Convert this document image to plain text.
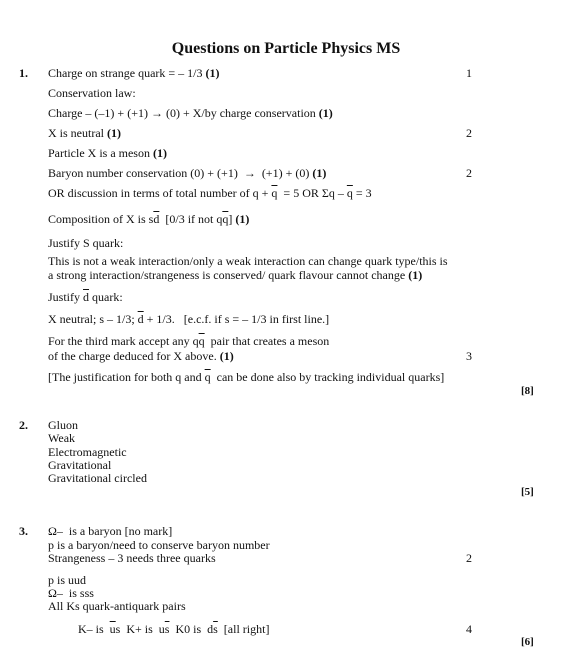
Questions on Particle Physics MS
1. Charge on strange quark = – 1/3 (1)
Conservation law:
Charge – (–1) + (+1) → (0) + X/by charge conservation (1)
X is neutral (1)
Particle X is a meson (1)
Baryon number conservation (0) + (+1)  →  (+1) + (0) (1)
OR discussion in terms of total number of $q + \overline{q} = 5$ OR $\Sigma q - \overline{q} = 3$
Composition of X is $s\overline{d}$  [0/3 if not $q\overline{q}$] (1)
Justify S quark:
This is not a weak interaction/only a weak interaction can change quark type/this is
a strong interaction/strangeness is conserved/ quark flavour cannot change (1)
Justify $\overline{d}$ quark:
X neutral; s – 1/3; $\overline{d} + 1/3$.   [e.c.f. if s = – 1/3 in first line.]
For the third mark accept any $q\overline{q}$  pair that creates a meson
of the charge deduced for X above. (1)
[The justification for both q and $\overline{q}$  can be done also by tracking individual quarks]
1
2
2
3
[8]
2. Gluon
Weak
Electromagnetic
Gravitational
Gravitational circled
[5]
3. Ω–  is a baryon [no mark]
p is a baryon/need to conserve baryon number
Strangeness – 3 needs three quarks
p is uud
Ω–  is sss
All Ks quark-antiquark pairs
K– is  $\overline{u}s$  K+ is  $u\overline{s}$  K0 is  $d\overline{s}$  [all right]
2
4
[6]
